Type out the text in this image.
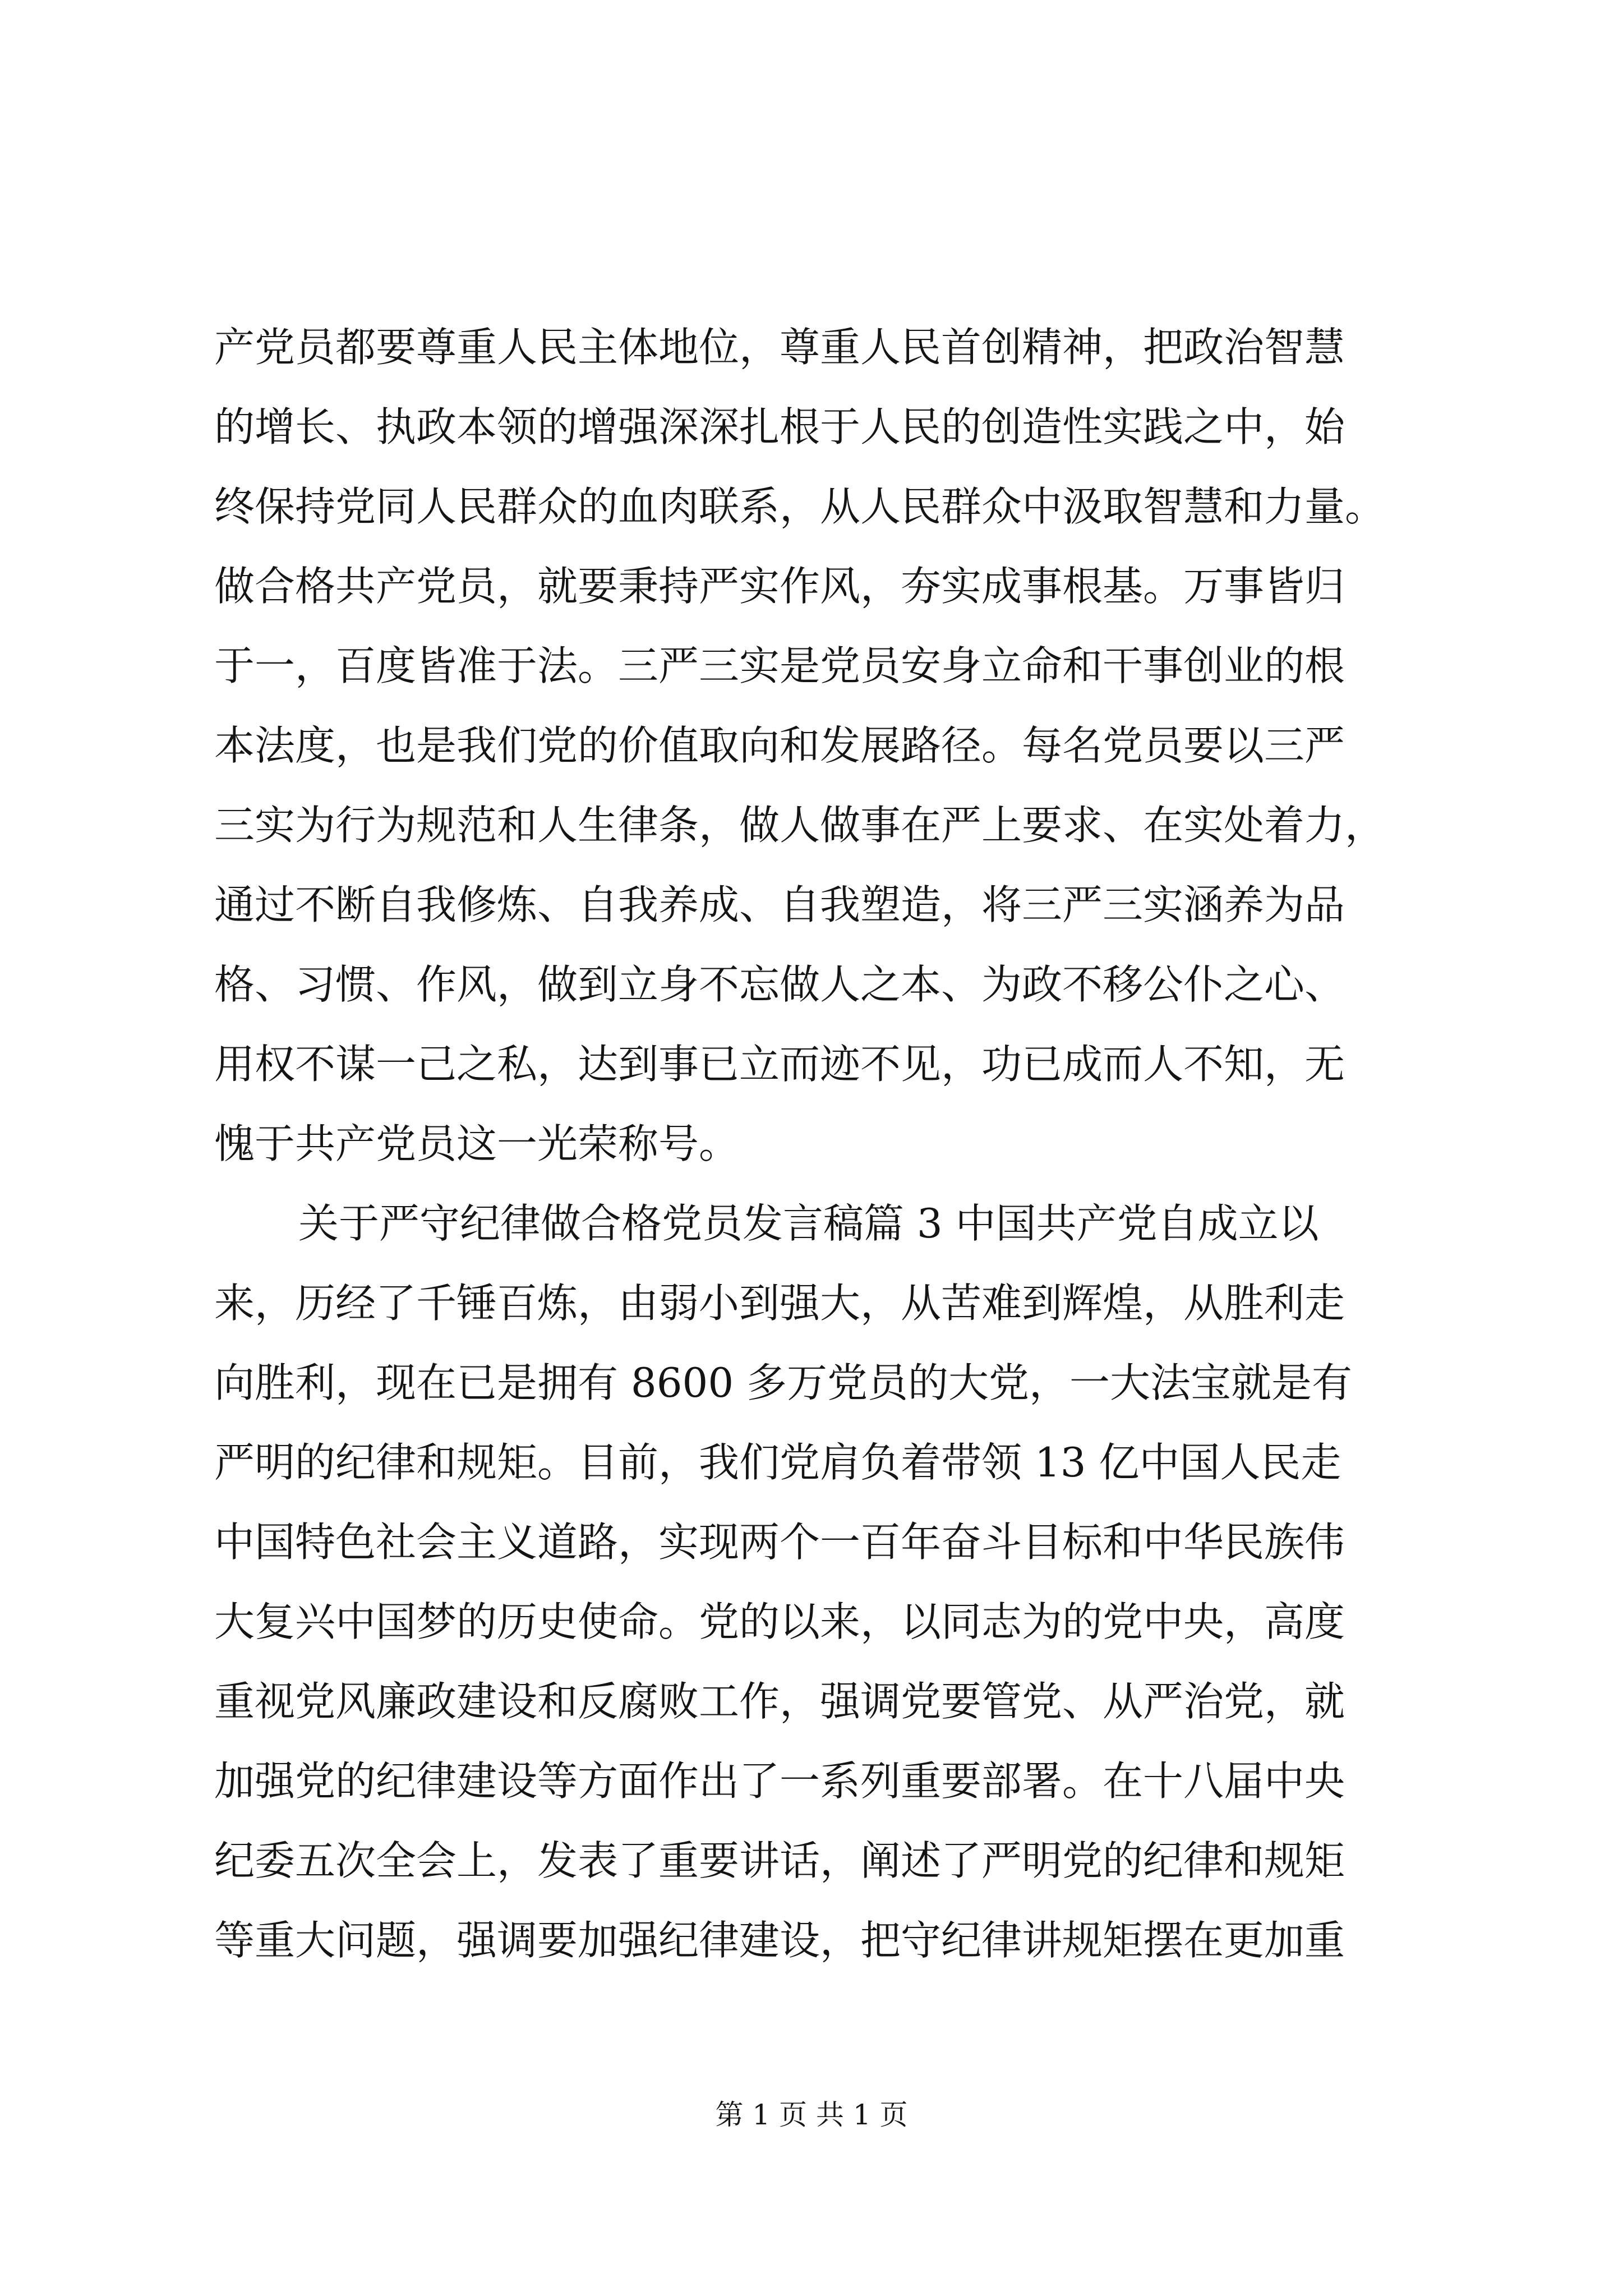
产党员都要尊重人民主体地位，尊重人民首创精神，把政治智慧
的增长、执政本领的增强深深扎根于人民的创造性实践之中，始
终保持党同人民群众的血肉联系，从人民群众中汲取智慧和力量。
做合格共产党员，就要秉持严实作风，夯实成事根基。万事皆归
于一，百度皆准于法。三严三实是党员安身立命和干事创业的根
本法度，也是我们党的价值取向和发展路径。每名党员要以三严
三实为行为规范和人生律条，做人做事在严上要求、在实处着力，
通过不断自我修炼、自我养成、自我塑造，将三严三实涵养为品
格、习惯、作风，做到立身不忘做人之本、为政不移公仆之心、
用权不谋一己之私，达到事已立而迹不见，功已成而人不知，无
愧于共产党员这一光荣称号。
关于严守纪律做合格党员发言稿篇 3 中国共产党自成立以
来，历经了千锤百炼，由弱小到强大，从苦难到辉煌，从胜利走
向胜利，现在已是拥有 8600 多万党员的大党，一大法宝就是有
严明的纪律和规矩。目前，我们党肩负着带领 13 亿中国人民走
中国特色社会主义道路，实现两个一百年奋斗目标和中华民族伟
大复兴中国梦的历史使命。党的以来，以同志为的党中央，高度
重视党风廉政建设和反腐败工作，强调党要管党、从严治党，就
加强党的纪律建设等方面作出了一系列重要部署。在十八届中央
纪委五次全会上，发表了重要讲话，阐述了严明党的纪律和规矩
等重大问题，强调要加强纪律建设，把守纪律讲规矩摆在更加重
第 1 页 共 1 页
